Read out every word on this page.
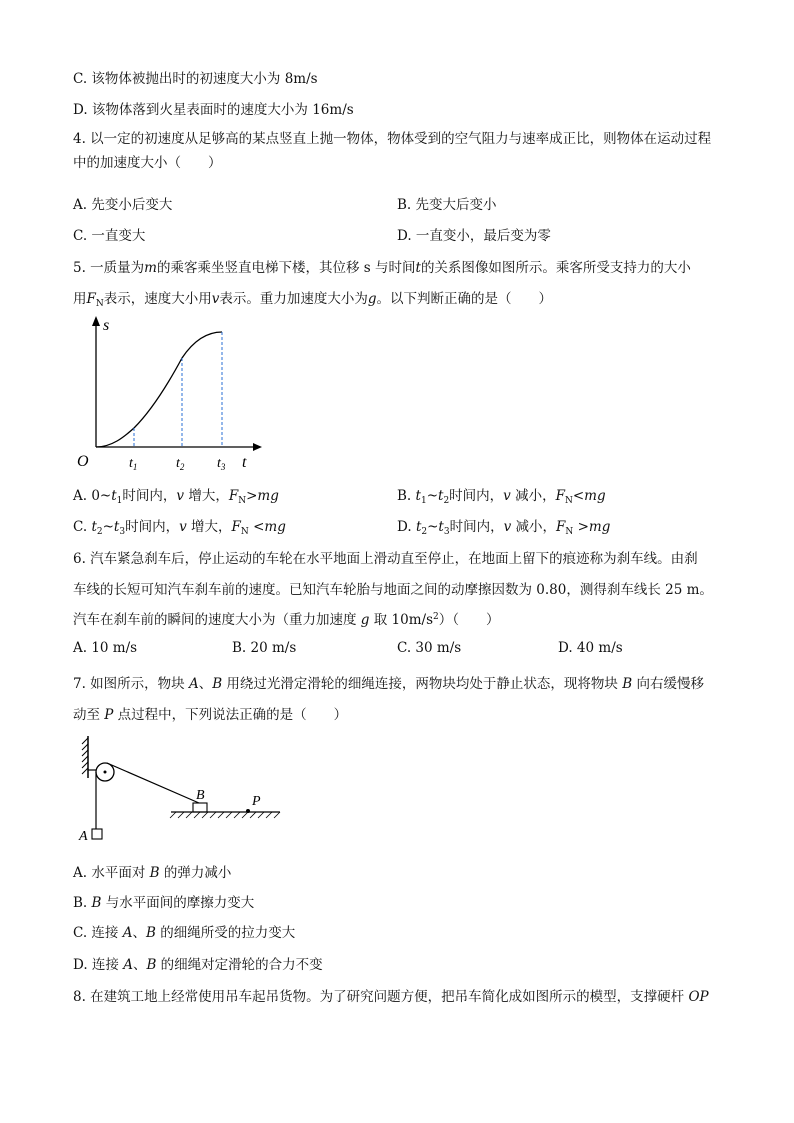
C. 该物体被抛出时的初速度大小为 8m/s
D. 该物体落到火星表面时的速度大小为 16m/s
4. 以一定的初速度从足够高的某点竖直上抛一物体，物体受到的空气阻力与速率成正比，则物体在运动过程中的加速度大小（　　）
A. 先变小后变大	B. 先变大后变小
C. 一直变大	D. 一直变小，最后变为零
5. 一质量为m的乘客乘坐竖直电梯下楼，其位移 s 与时间t的关系图像如图所示。乘客所受支持力的大小
用$F_N$表示，速度大小用v表示。重力加速度大小为g。以下判断正确的是（　　）
s
O	$t_1$	$t_2$ $t_3$ t
A. $0\sim t_1$时间内，v 增大，$F_N>mg$	B. $t_1\sim t_2$时间内，v 减小，$F_N<mg$
C. $t_2\sim t_3$时间内，v 增大，$F_N <mg$	D. $t_2\sim t_3$时间内，v 减小，$F_N >mg$
6. 汽车紧急刹车后，停止运动的车轮在水平地面上滑动直至停止，在地面上留下的痕迹称为刹车线。由刹
车线的长短可知汽车刹车前的速度。已知汽车轮胎与地面之间的动摩擦因数为 0.80，测得刹车线长 25 m。
汽车在刹车前的瞬间的速度大小为（重力加速度 g 取 $10m/s^2$）（　　）
A. 10 m/s	B. 20 m/s	C. 30 m/s	D. 40 m/s
7. 如图所示，物块 A、B 用绕过光滑定滑轮的细绳连接，两物块均处于静止状态，现将物块 B 向右缓慢移
动至 P 点过程中，下列说法正确的是（　　）
A
B	P
A. 水平面对 B 的弹力减小
B. B 与水平面间的摩擦力变大
C. 连接 A、B 的细绳所受的拉力变大
D. 连接 A、B 的细绳对定滑轮的合力不变
8. 在建筑工地上经常使用吊车起吊货物。为了研究问题方便，把吊车简化成如图所示的模型，支撑硬杆 OP
